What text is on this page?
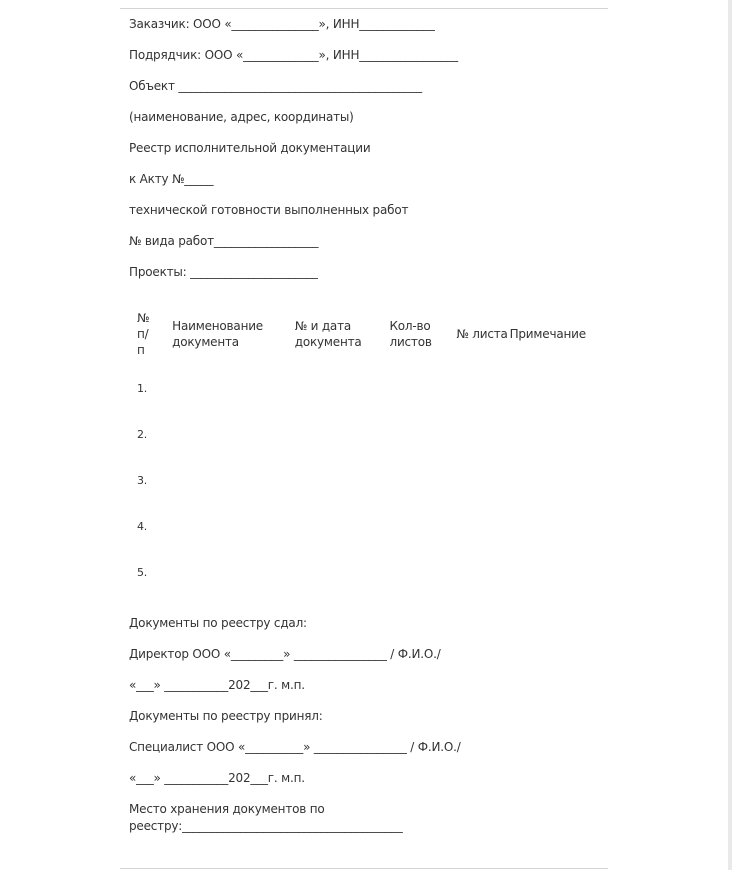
Заказчик: ООО «_______________», ИНН_____________
Подрядчик: ООО «_____________», ИНН_________________
Объект __________________________________________
(наименование, адрес, координаты)
Реестр исполнительной документации
к Акту №_____
технической готовности выполненных работ
№ вида работ__________________
Проекты: ______________________
№ п/п	Наименование документа	№ и дата документа	Кол-во листов	№ листа	Примечание
1.					
2.					
3.					
4.					
5.					
Документы по реестру сдал:
Директор ООО «_________» ________________ / Ф.И.О./
«___» ___________202___г. м.п.
Документы по реестру принял:
Специалист ООО «__________» ________________ / Ф.И.О./
«___» ___________202___г. м.п.
Место хранения документов по реестру:______________________________________
